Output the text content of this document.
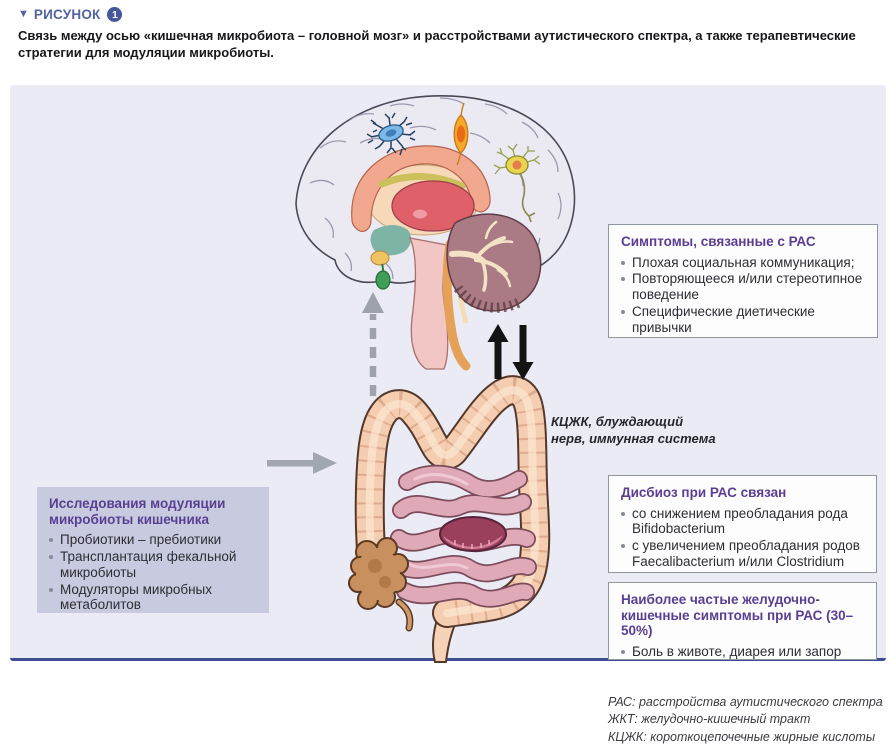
▼ РИСУНОК	1
Связь между осью «кишечная микробиота – головной мозг» и расстройствами аутистического спектра, а также терапевтические стратегии для модуляции микробиоты.
КЦЖК, блуждающий нерв, иммунная система
Исследования модуляции микробиоты кишечника
Пробиотики – пребиотики
Трансплантация фекальной микробиоты
Модуляторы микробных метаболитов
Симптомы, связанные с РАС
Плохая социальная коммуникация;
Повторяющееся и/или стереотипное поведение
Специфические диетические привычки
Дисбиоз при РАС связан
со снижением преобладания рода Bifidobacterium
с увеличением преобладания родов Faecalibacterium и/или Clostridium
Наиболее частые желудочно-кишечные симптомы при РАС (30–50%)
Боль в животе, диарея или запор
РАС: расстройства аутистического спектра
ЖКТ: желудочно-кишечный тракт
КЦЖК: короткоцепочечные жирные кислоты
